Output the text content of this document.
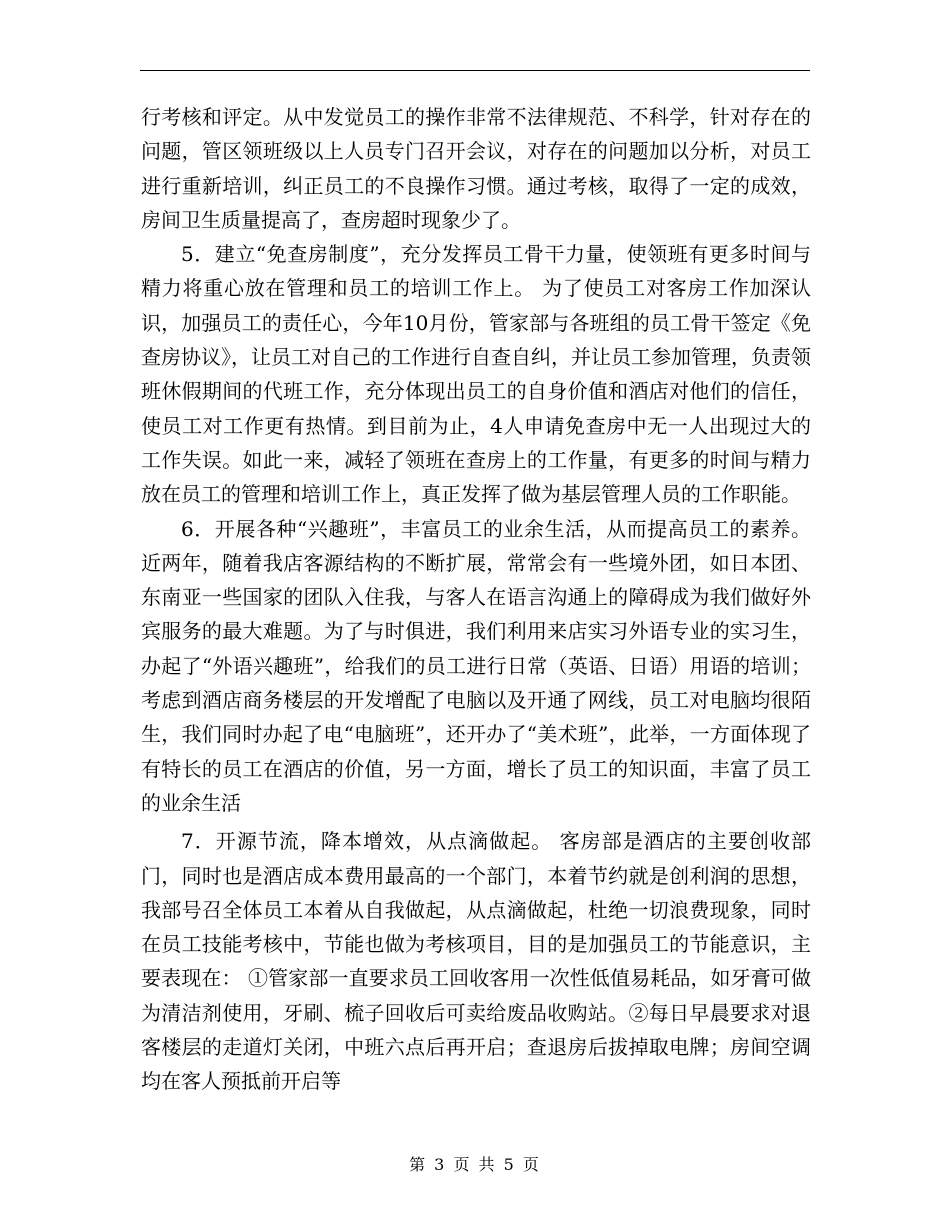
行考核和评定。从中发觉员工的操作非常不法律规范、不科学，针对存在的问题，管区领班级以上人员专门召开会议，对存在的问题加以分析，对员工进行重新培训，纠正员工的不良操作习惯。通过考核，取得了一定的成效，房间卫生质量提高了，查房超时现象少了。

5．建立“免查房制度”，充分发挥员工骨干力量，使领班有更多时间与精力将重心放在管理和员工的培训工作上。 为了使员工对客房工作加深认识，加强员工的责任心，今年10月份，管家部与各班组的员工骨干签定《免查房协议》，让员工对自己的工作进行自查自纠，并让员工参加管理，负责领班休假期间的代班工作，充分体现出员工的自身价值和酒店对他们的信任，使员工对工作更有热情。到目前为止，4人申请免查房中无一人出现过大的工作失误。如此一来，减轻了领班在查房上的工作量，有更多的时间与精力放在员工的管理和培训工作上，真正发挥了做为基层管理人员的工作职能。

6．开展各种“兴趣班”，丰富员工的业余生活，从而提高员工的素养。 近两年，随着我店客源结构的不断扩展，常常会有一些境外团，如日本团、东南亚一些国家的团队入住我，与客人在语言沟通上的障碍成为我们做好外宾服务的最大难题。为了与时俱进，我们利用来店实习外语专业的实习生，办起了“外语兴趣班”，给我们的员工进行日常（英语、日语）用语的培训；考虑到酒店商务楼层的开发增配了电脑以及开通了网线，员工对电脑均很陌生，我们同时办起了电“电脑班”，还开办了“美术班”，此举，一方面体现了有特长的员工在酒店的价值，另一方面，增长了员工的知识面，丰富了员工的业余生活

7．开源节流，降本增效，从点滴做起。 客房部是酒店的主要创收部门，同时也是酒店成本费用最高的一个部门，本着节约就是创利润的思想，我部号召全体员工本着从自我做起，从点滴做起，杜绝一切浪费现象，同时在员工技能考核中，节能也做为考核项目，目的是加强员工的节能意识，主要表现在： ①管家部一直要求员工回收客用一次性低值易耗品，如牙膏可做为清洁剂使用，牙刷、梳子回收后可卖给废品收购站。②每日早晨要求对退客楼层的走道灯关闭，中班六点后再开启；查退房后拔掉取电牌；房间空调均在客人预抵前开启等

第 3 页 共 5 页
